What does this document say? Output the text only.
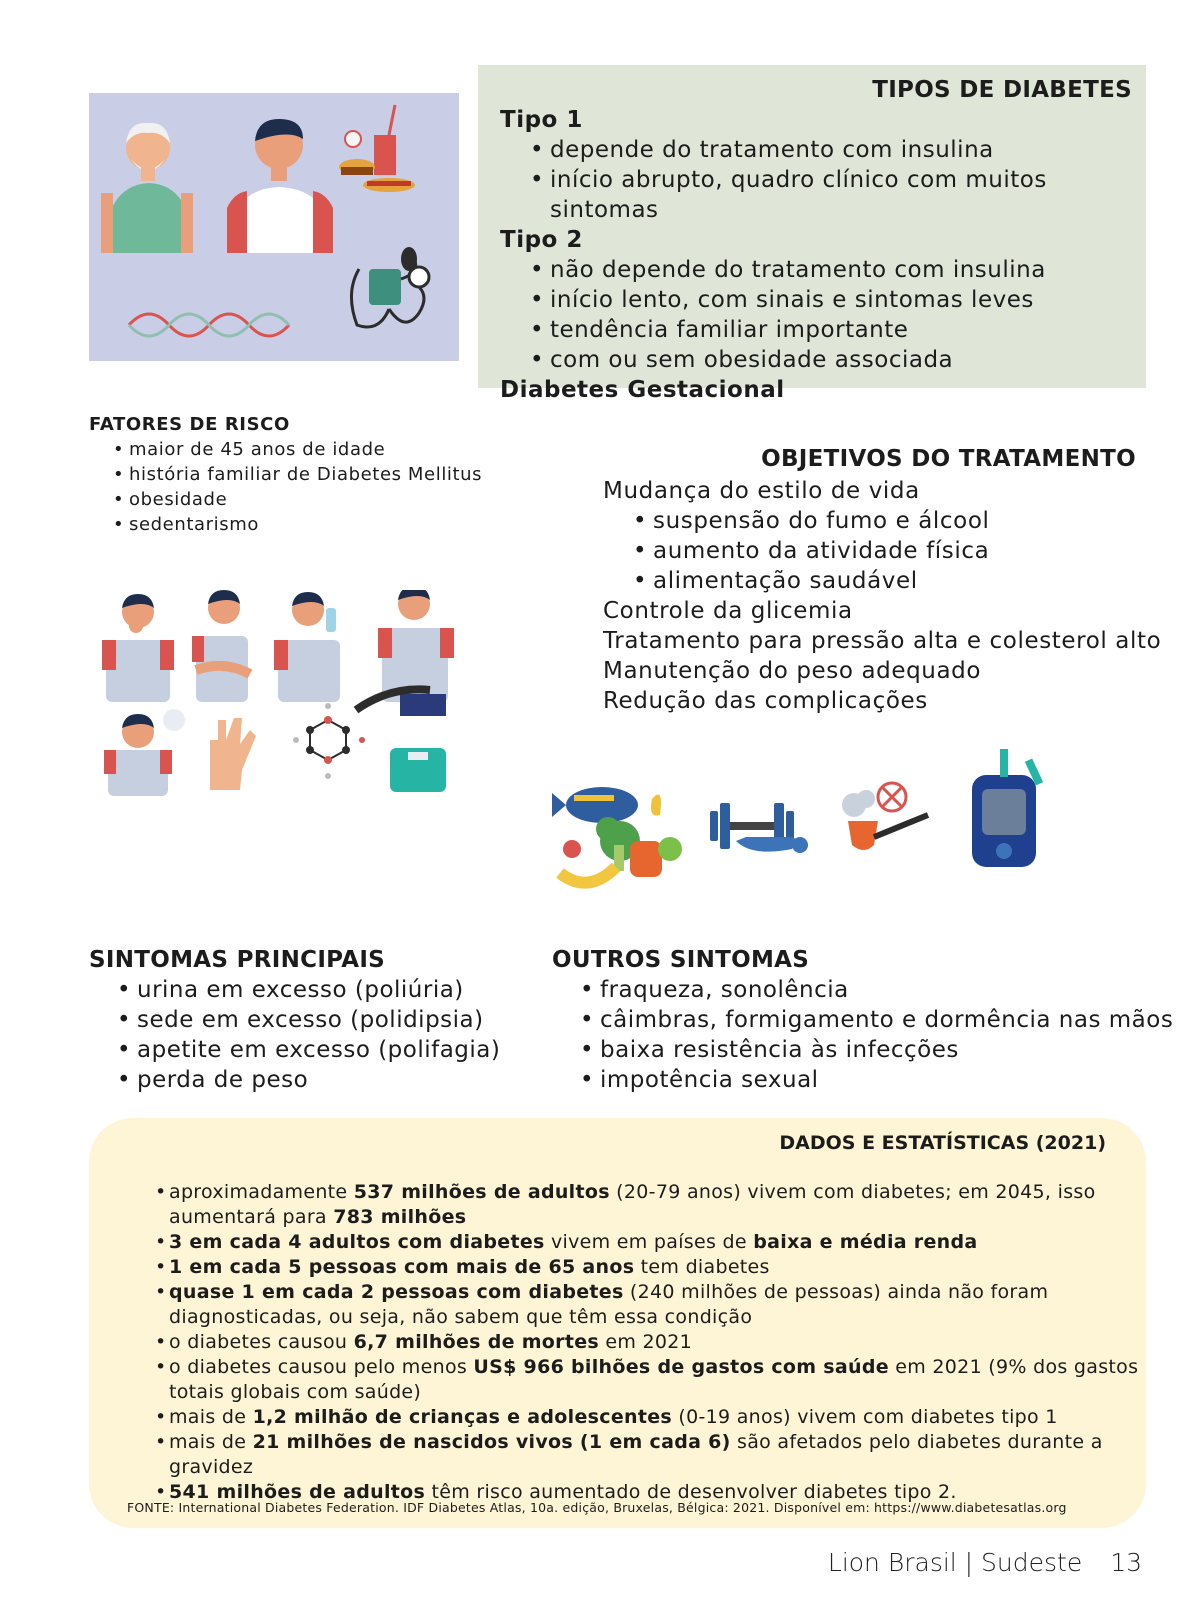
TIPOS DE DIABETES
Tipo 1
• depende do tratamento com insulina
• início abrupto, quadro clínico com muitos sintomas
Tipo 2
• não depende do tratamento com insulina
• início lento, com sinais e sintomas leves
• tendência familiar importante
• com ou sem obesidade associada
Diabetes Gestacional
FATORES DE RISCO
• maior de 45 anos de idade
• história familiar de Diabetes Mellitus
• obesidade
• sedentarismo
OBJETIVOS DO TRATAMENTO
Mudança do estilo de vida
• suspensão do fumo e álcool
• aumento da atividade física
• alimentação saudável
Controle da glicemia
Tratamento para pressão alta e colesterol alto
Manutenção do peso adequado
Redução das complicações
SINTOMAS PRINCIPAIS
• urina em excesso (poliúria)
• sede em excesso (polidipsia)
• apetite em excesso (polifagia)
• perda de peso
OUTROS SINTOMAS
• fraqueza, sonolência
• câimbras, formigamento e dormência nas mãos
• baixa resistência às infecções
• impotência sexual
DADOS E ESTATÍSTICAS (2021)
• aproximadamente 537 milhões de adultos (20-79 anos) vivem com diabetes; em 2045, isso aumentará para 783 milhões
• 3 em cada 4 adultos com diabetes vivem em países de baixa e média renda
• 1 em cada 5 pessoas com mais de 65 anos tem diabetes
• quase 1 em cada 2 pessoas com diabetes (240 milhões de pessoas) ainda não foram diagnosticadas, ou seja, não sabem que têm essa condição
• o diabetes causou 6,7 milhões de mortes em 2021
• o diabetes causou pelo menos US$ 966 bilhões de gastos com saúde em 2021 (9% dos gastos totais globais com saúde)
• mais de 1,2 milhão de crianças e adolescentes (0-19 anos) vivem com diabetes tipo 1
• mais de 21 milhões de nascidos vivos (1 em cada 6) são afetados pelo diabetes durante a gravidez
• 541 milhões de adultos têm risco aumentado de desenvolver diabetes tipo 2.
FONTE: International Diabetes Federation. IDF Diabetes Atlas, 10a. edição, Bruxelas, Bélgica: 2021. Disponível em: https://www.diabetesatlas.org
Lion Brasil | Sudeste 13
